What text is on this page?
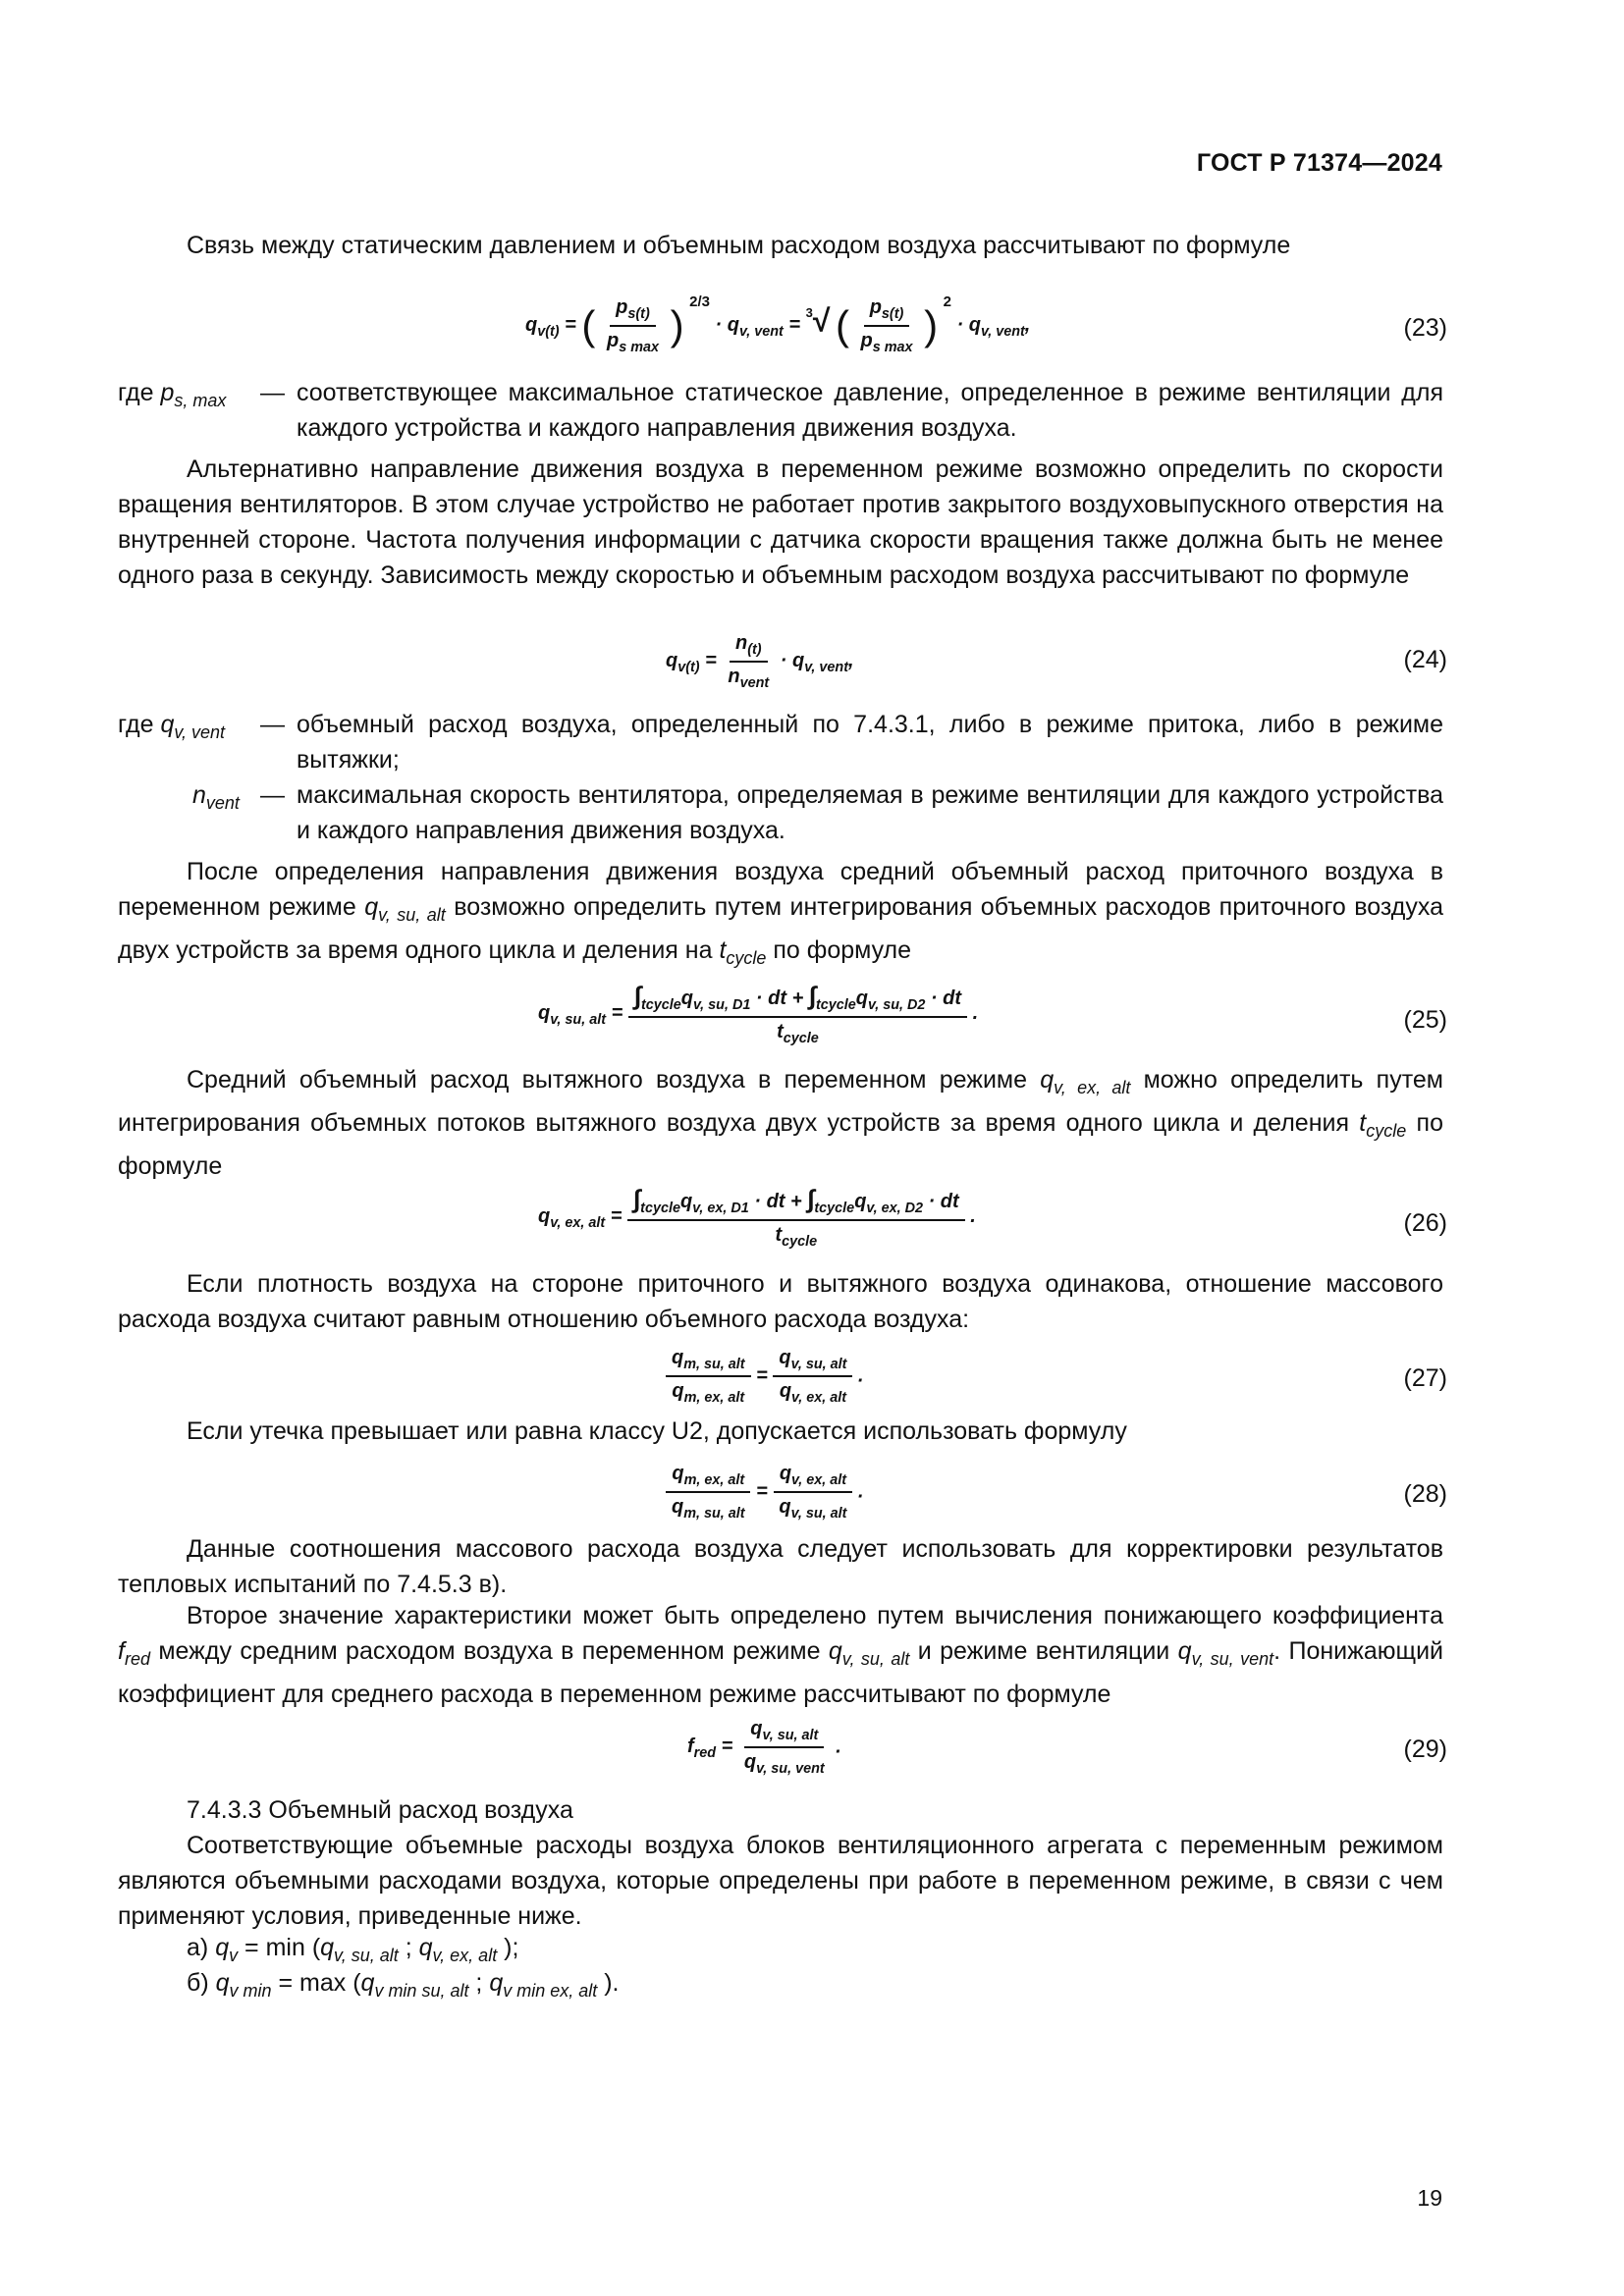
ГОСТ Р 71374—2024
Связь между статическим давлением и объемным расходом воздуха рассчитывают по формуле
$q_{v(t)}$ = ( $\frac{p_{s(t)}}{p_{s max}}$ ) $^{2/3} \cdot q_{v, vent} = ^3√$ ( $\frac{p_{s(t)}}{p_{s max}}$ ) $^2 \cdot q_{v, vent}$,	(23)
где $p_{s, max}$ — соответствующее максимальное статическое давление, определенное в режиме вентиляции для каждого устройства и каждого направления движения воздуха.
Альтернативно направление движения воздуха в переменном режиме возможно определить по скорости вращения вентиляторов. В этом случае устройство не работает против закрытого воздуховыпускного отверстия на внутренней стороне. Частота получения информации с датчика скорости вращения также должна быть не менее одного раза в секунду. Зависимость между скоростью и объемным расходом воздуха рассчитывают по формуле
$q_{v(t)} = \frac{n_{(t)}}{n_{vent}} \cdot q_{v, vent}$,	(24)
где $q_{v, vent}$ — объемный расход воздуха, определенный по 7.4.3.1, либо в режиме притока, либо в режиме вытяжки;
$n_{vent}$ — максимальная скорость вентилятора, определяемая в режиме вентиляции для каждого устройства и каждого направления движения воздуха.
После определения направления движения воздуха средний объемный расход приточного воздуха в переменном режиме $q_{v, su, alt}$ возможно определить путем интегрирования объемных расходов приточного воздуха двух устройств за время одного цикла и деления на $t_{cycle}$ по формуле
$q_{v, su, alt} = \frac{\int_{tcycle}q_{v, su, D1} \cdot dt + \int_{tcycle}q_{v, su, D2} \cdot dt}{t_{cycle}}$ .	(25)
Средний объемный расход вытяжного воздуха в переменном режиме $q_{v, ex, alt}$ можно определить путем интегрирования объемных потоков вытяжного воздуха двух устройств за время одного цикла и деления $t_{cycle}$ по формуле
$q_{v, ex, alt} = \frac{\int_{tcycle}q_{v, ex, D1} \cdot dt + \int_{tcycle}q_{v, ex, D2} \cdot dt}{t_{cycle}}$ .	(26)
Если плотность воздуха на стороне приточного и вытяжного воздуха одинакова, отношение массового расхода воздуха считают равным отношению объемного расхода воздуха:
$\frac{q_{m, su, alt}}{q_{m, ex, alt}} = \frac{q_{v, su, alt}}{q_{v, ex, alt}}$ .	(27)
Если утечка превышает или равна классу U2, допускается использовать формулу
$\frac{q_{m, ex, alt}}{q_{m, su, alt}} = \frac{q_{v, ex, alt}}{q_{v, su, alt}}$ .	(28)
Данные соотношения массового расхода воздуха следует использовать для корректировки результатов тепловых испытаний по 7.4.5.3 в).
Второе значение характеристики может быть определено путем вычисления понижающего коэффициента $f_{red}$ между средним расходом воздуха в переменном режиме $q_{v, su, alt}$ и режиме вентиляции $q_{v, su, vent}$. Понижающий коэффициент для среднего расхода в переменном режиме рассчитывают по формуле
$f_{red} = \frac{q_{v, su, alt}}{q_{v, su, vent}}$ .	(29)
7.4.3.3 Объемный расход воздуха
Соответствующие объемные расходы воздуха блоков вентиляционного агрегата с переменным режимом являются объемными расходами воздуха, которые определены при работе в переменном режиме, в связи с чем применяют условия, приведенные ниже.
а) $q_v = \min (q_{v, su, alt}$ ; $q_{v, ex, alt}$ );
б) $q_{v min} = \max (q_{v min su, alt}$ ; $q_{v min ex, alt}$ ).
19
